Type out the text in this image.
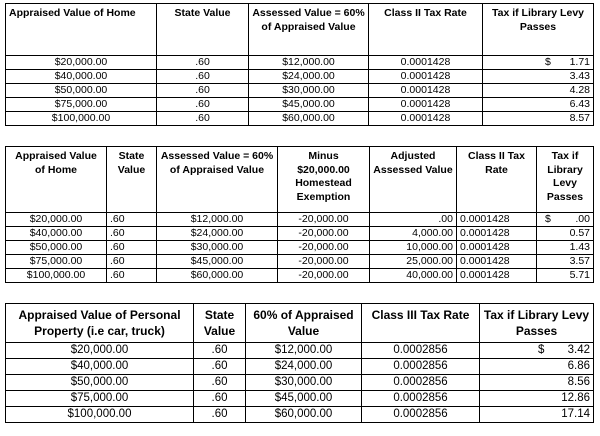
Appraised Value of Home	State Value	Assessed Value = 60% of Appraised Value	Class II Tax Rate	Tax if Library Levy Passes
$20,000.00	.60	$12,000.00	0.0001428	$ 1.71

$40,000.00	.60	$24,000.00	0.0001428	3.43
$50,000.00	.60	$30,000.00	0.0001428	4.28
$75,000.00	.60	$45,000.00	0.0001428	6.43
$100,000.00	.60	$60,000.00	0.0001428	8.57
Appraised Value of Home	State Value	Assessed Value = 60% of Appraised Value	Minus $20,000.00 Homestead Exemption	Adjusted Assessed Value	Class II Tax Rate	Tax if Library Levy Passes
$20,000.00	.60	$12,000.00	-20,000.00	.00	0.0001428	$ .00

$40,000.00	.60	$24,000.00	-20,000.00	4,000.00	0.0001428	0.57
$50,000.00	.60	$30,000.00	-20,000.00	10,000.00	0.0001428	1.43
$75,000.00	.60	$45,000.00	-20,000.00	25,000.00	0.0001428	3.57
$100,000.00	.60	$60,000.00	-20,000.00	40,000.00	0.0001428	5.71
Appraised Value of Personal Property (i.e car, truck)	State Value	60% of Appraised Value	Class III Tax Rate	Tax if Library Levy Passes
$20,000.00	.60	$12,000.00	0.0002856	$ 3.42

$40,000.00	.60	$24,000.00	0.0002856	6.86
$50,000.00	.60	$30,000.00	0.0002856	8.56
$75,000.00	.60	$45,000.00	0.0002856	12.86
$100,000.00	.60	$60,000.00	0.0002856	17.14
